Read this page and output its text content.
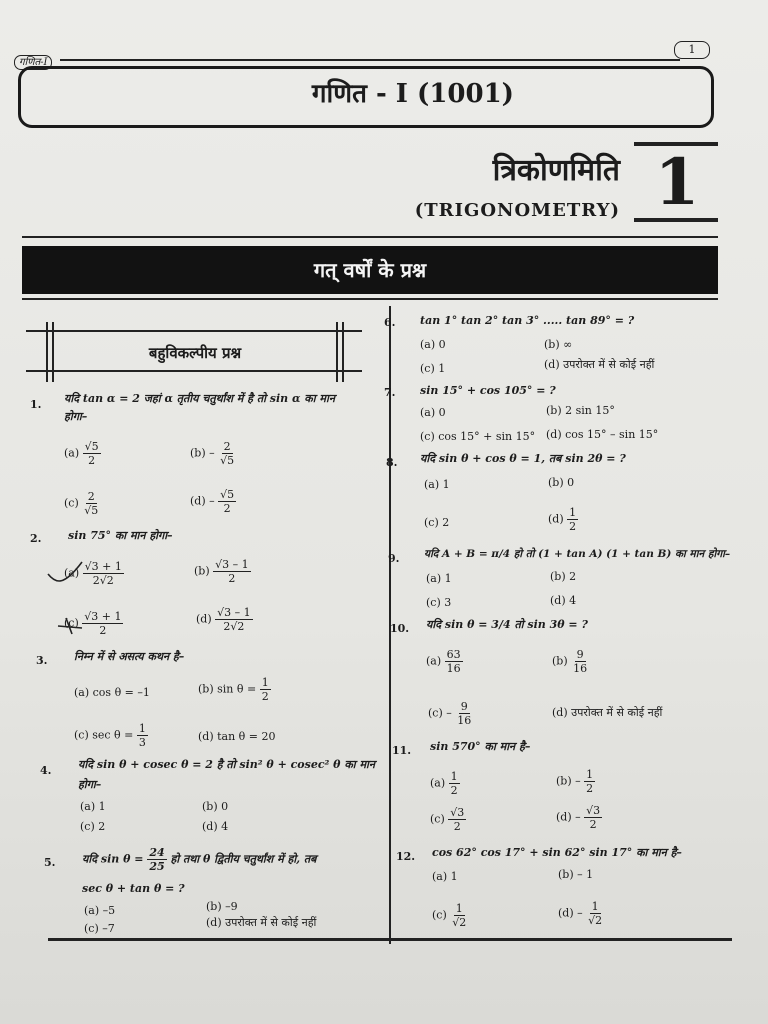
गणित-I
1
गणित - I (1001)
त्रिकोणमिति
(TRIGONOMETRY) 1
गत् वर्षों के प्रश्न
बहुविकल्पीय प्रश्न
1. यदि tan α = 2 जहां α तृतीय चतुर्थांश में है तो sin α का मान
होगा–
$(a) \frac{√5}{2}$	$(b) - \frac{2}{√5}$
$(c) \frac{2}{√5}$	$(d) - \frac{√5}{2}$
2. sin 75° का मान होगा–
$(a) \frac{√3 + 1}{2√2}$	$(b) \frac{√3 - 1}{2}$
$(c) \frac{√3 + 1}{2}$	$(d) \frac{√3 - 1}{2√2}$
3. निम्न में से असत्य कथन है–
(a) cos θ = –1	(b) $\sin \theta = \frac{1}{2}$
(c) $\sec \theta = \frac{1}{3}$	(d) tan θ = 20
4. यदि sin θ + cosec θ = 2 है तो sin² θ + cosec² θ का मान
होगा–
(a) 1	(b) 0
(c) 2	(d) 4
5. यदि $\sin \theta = \frac{24}{25}$ हो तथा θ द्वितीय चतुर्थांश में हो, तब
sec θ + tan θ = ?
(a) –5	(b) –9
(c) –7	(d) उपरोक्त में से कोई नहीं
6. tan 1° tan 2° tan 3° ..... tan 89° = ?
(a) 0	(b) ∞
(c) 1	(d) उपरोक्त में से कोई नहीं
7. sin 15° + cos 105° = ?
(a) 0	(b) 2 sin 15°
(c) cos 15° + sin 15° (d) cos 15° – sin 15°
8. यदि sin θ + cos θ = 1, तब sin 2θ = ?
(a) 1	(b) 0
(c) 2	$(d) \frac{1}{2}$
9. यदि A + B = π/4 हो तो (1 + tan A) (1 + tan B) का मान होगा–
(a) 1	(b) 2
(c) 3	(d) 4
10. यदि sin θ = 3/4 तो sin 3θ = ?
$(a) \frac{63}{16}$	$(b) \frac{9}{16}$
$(c) - \frac{9}{16}$	(d) उपरोक्त में से कोई नहीं
11. sin 570° का मान है–
$(a) \frac{1}{2}$	$(b) - \frac{1}{2}$
$(c) \frac{√3}{2}$	$(d) - \frac{√3}{2}$
12. cos 62° cos 17° + sin 62° sin 17° का मान है–
(a) 1	(b) – 1
$(c) \frac{1}{√2}$	$(d) - \frac{1}{√2}$
